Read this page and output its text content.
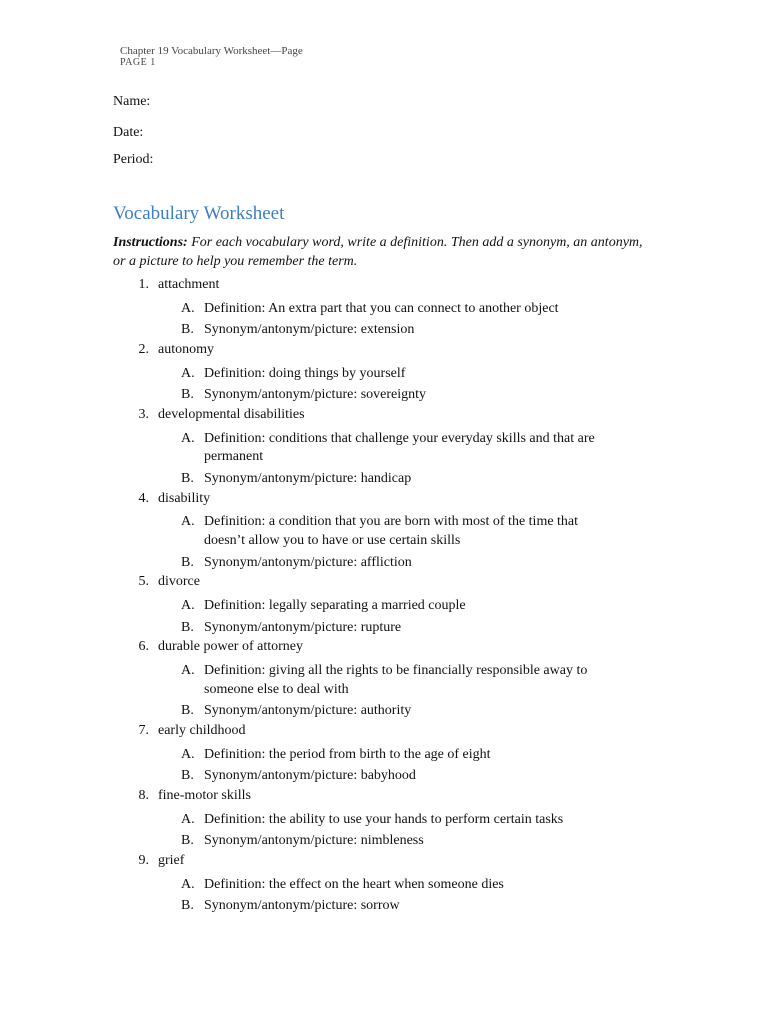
Chapter 19 Vocabulary Worksheet—Page
PAGE 1
Name:
Date:
Period:
Vocabulary Worksheet
Instructions: For each vocabulary word, write a definition. Then add a synonym, an antonym, or a picture to help you remember the term.
1. attachment
A. Definition: An extra part that you can connect to another object
B. Synonym/antonym/picture: extension
2. autonomy
A. Definition: doing things by yourself
B. Synonym/antonym/picture: sovereignty
3. developmental disabilities
A. Definition: conditions that challenge your everyday skills and that are permanent
B. Synonym/antonym/picture: handicap
4. disability
A. Definition: a condition that you are born with most of the time that doesn’t allow you to have or use certain skills
B. Synonym/antonym/picture: affliction
5. divorce
A. Definition: legally separating a married couple
B. Synonym/antonym/picture: rupture
6. durable power of attorney
A. Definition: giving all the rights to be financially responsible away to someone else to deal with
B. Synonym/antonym/picture: authority
7. early childhood
A. Definition: the period from birth to the age of eight
B. Synonym/antonym/picture: babyhood
8. fine-motor skills
A. Definition: the ability to use your hands to perform certain tasks
B. Synonym/antonym/picture: nimbleness
9. grief
A. Definition: the effect on the heart when someone dies
B. Synonym/antonym/picture: sorrow
